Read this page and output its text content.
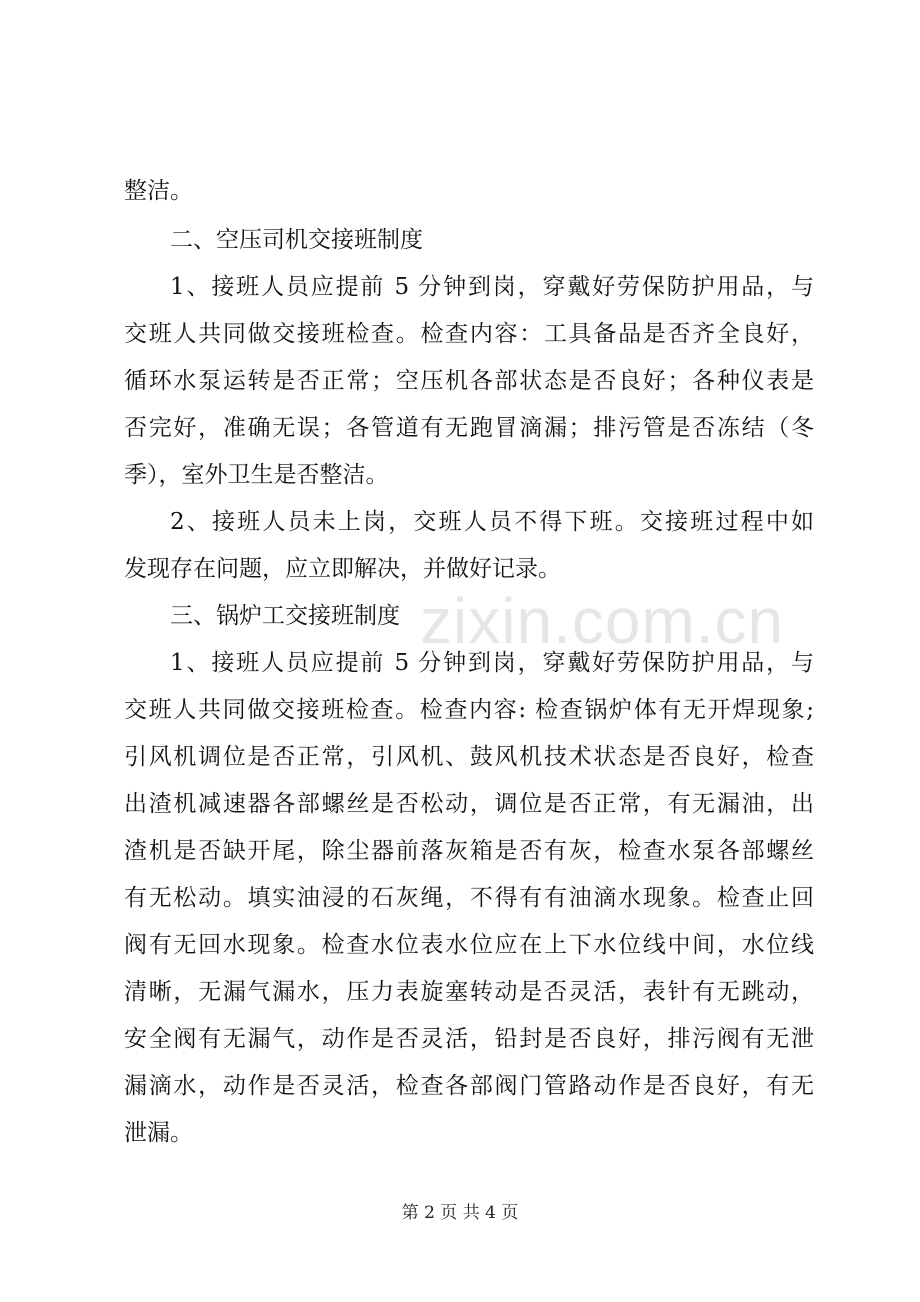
zixin.com.cn
整洁。
二、空压司机交接班制度
1、接班人员应提前 5 分钟到岗，穿戴好劳保防护用品，与
交班人共同做交接班检查。检查内容：工具备品是否齐全良好，
循环水泵运转是否正常；空压机各部状态是否良好；各种仪表是
否完好，准确无误；各管道有无跑冒滴漏；排污管是否冻结（冬
季），室外卫生是否整洁。
2、接班人员未上岗，交班人员不得下班。交接班过程中如
发现存在问题，应立即解决，并做好记录。
三、锅炉工交接班制度
1、接班人员应提前 5 分钟到岗，穿戴好劳保防护用品，与
交班人共同做交接班检查。检查内容: 检查锅炉体有无开焊现象;
引风机调位是否正常，引风机、鼓风机技术状态是否良好，检查
出渣机减速器各部螺丝是否松动，调位是否正常，有无漏油，出
渣机是否缺开尾，除尘器前落灰箱是否有灰，检查水泵各部螺丝
有无松动。填实油浸的石灰绳，不得有有油滴水现象。检查止回
阀有无回水现象。检查水位表水位应在上下水位线中间，水位线
清晰，无漏气漏水，压力表旋塞转动是否灵活，表针有无跳动，
安全阀有无漏气，动作是否灵活，铅封是否良好，排污阀有无泄
漏滴水，动作是否灵活，检查各部阀门管路动作是否良好，有无
泄漏。
第 2 页 共 4 页
